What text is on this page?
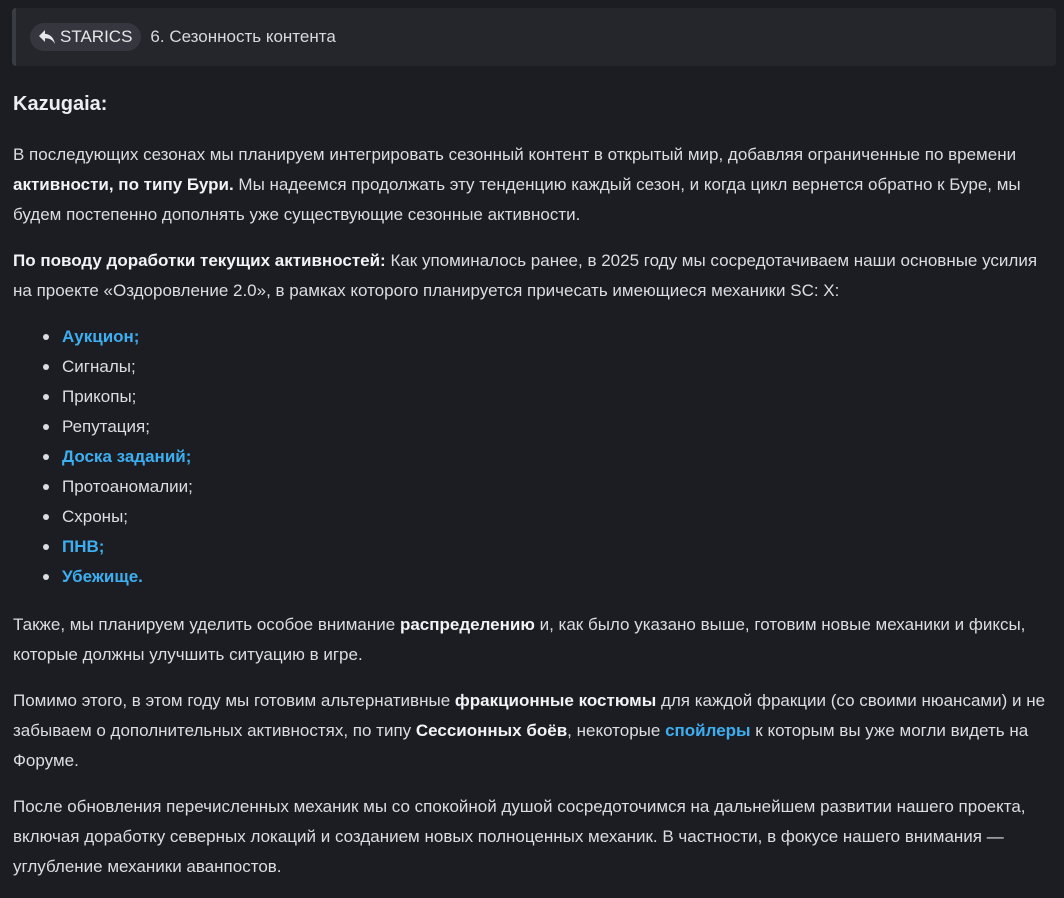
STARICS 6. Сезонность контента
Kazugaia:

В последующих сезонах мы планируем интегрировать сезонный контент в открытый мир, добавляя ограниченные по времени активности, по типу Бури. Мы надеемся продолжать эту тенденцию каждый сезон, и когда цикл вернется обратно к Буре, мы будем постепенно дополнять уже существующие сезонные активности.

По поводу доработки текущих активностей: Как упоминалось ранее, в 2025 году мы сосредотачиваем наши основные усилия на проекте «Оздоровление 2.0», в рамках которого планируется причесать имеющиеся механики SC: X:

Аукцион;
Сигналы;
Прикопы;
Репутация;
Доска заданий;
Протоаномалии;
Схроны;
ПНВ;
Убежище.

Также, мы планируем уделить особое внимание распределению и, как было указано выше, готовим новые механики и фиксы, которые должны улучшить ситуацию в игре.

Помимо этого, в этом году мы готовим альтернативные фракционные костюмы для каждой фракции (со своими нюансами) и не забываем о дополнительных активностях, по типу Сессионных боёв, некоторые спойлеры к которым вы уже могли видеть на Форуме.

После обновления перечисленных механик мы со спокойной душой сосредоточимся на дальнейшем развитии нашего проекта, включая доработку северных локаций и созданием новых полноценных механик. В частности, в фокусе нашего внимания — углубление механики аванпостов.
